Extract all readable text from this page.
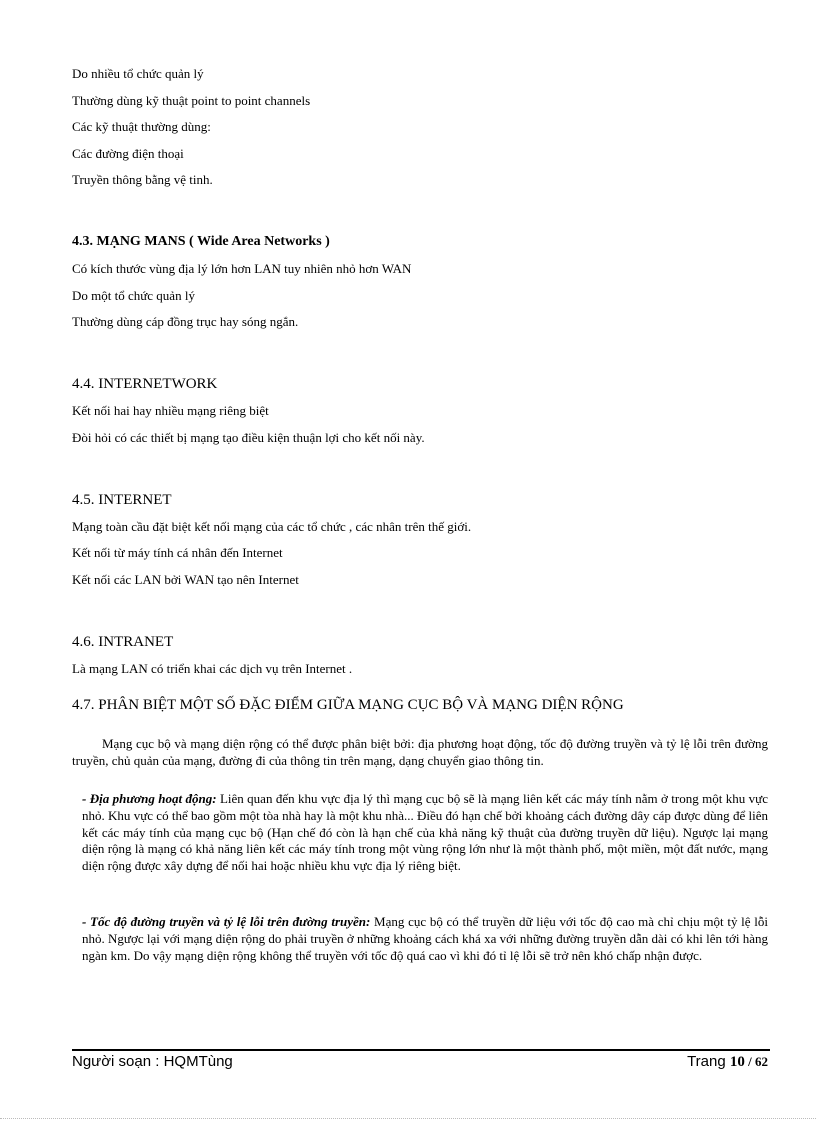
Do nhiều tổ chức quản lý
Thường dùng kỹ thuật point to point channels
Các kỹ thuật thường dùng:
Các đường điện thoại
Truyền thông bằng vệ tinh.
4.3. MẠNG MANS ( Wide Area Networks )
Có kích thước vùng địa lý lớn hơn LAN tuy nhiên nhỏ hơn WAN
Do một tổ chức quản lý
Thường dùng cáp đồng trục hay sóng ngắn.
4.4. INTERNETWORK
Kết nối hai hay nhiều mạng riêng biệt
Đòi hỏi có các thiết bị mạng tạo điều kiện thuận lợi cho kết nối này.
4.5. INTERNET
Mạng toàn cầu đặt biệt kết nối mạng của các tổ chức , các nhân trên thế giới.
Kết nối từ máy tính cá nhân đến Internet
Kết nối các LAN bởi WAN tạo nên Internet
4.6. INTRANET
Là mạng LAN có triển khai các dịch vụ trên Internet .
4.7. PHÂN BIỆT MỘT SỐ ĐẶC ĐIỂM GIỮA MẠNG CỤC BỘ VÀ MẠNG DIỆN RỘNG
Mạng cục bộ và mạng diện rộng có thể được phân biệt bởi: địa phương hoạt động, tốc độ đường truyền và tỷ lệ lỗi trên đường truyền, chủ quản của mạng, đường đi của thông tin trên mạng, dạng chuyển giao thông tin.
- Địa phương hoạt động: Liên quan đến khu vực địa lý thì mạng cục bộ sẽ là mạng liên kết các máy tính nằm ở trong một khu vực nhỏ. Khu vực có thể bao gồm một tòa nhà hay là một khu nhà... Điều đó hạn chế bởi khoảng cách đường dây cáp được dùng để liên kết các máy tính của mạng cục bộ (Hạn chế đó còn là hạn chế của khả năng kỹ thuật của đường truyền dữ liệu). Ngược lại mạng diện rộng là mạng có khả năng liên kết các máy tính trong một vùng rộng lớn như là một thành phố, một miền, một đất nước, mạng diện rộng được xây dựng để nối hai hoặc nhiều khu vực địa lý riêng biệt.
- Tốc độ đường truyền và tỷ lệ lỗi trên đường truyền: Mạng cục bộ có thể truyền dữ liệu với tốc độ cao mà chỉ chịu một tỷ lệ lỗi nhỏ. Ngược lại với mạng diện rộng do phải truyền ở những khoảng cách khá xa với những đường truyền dẫn dài có khi lên tới hàng ngàn km. Do vậy mạng diện rộng không thể truyền với tốc độ quá cao vì khi đó tỉ lệ lỗi sẽ trở nên khó chấp nhận được.
Người soạn : HQMTùng	Trang 10 / 62
